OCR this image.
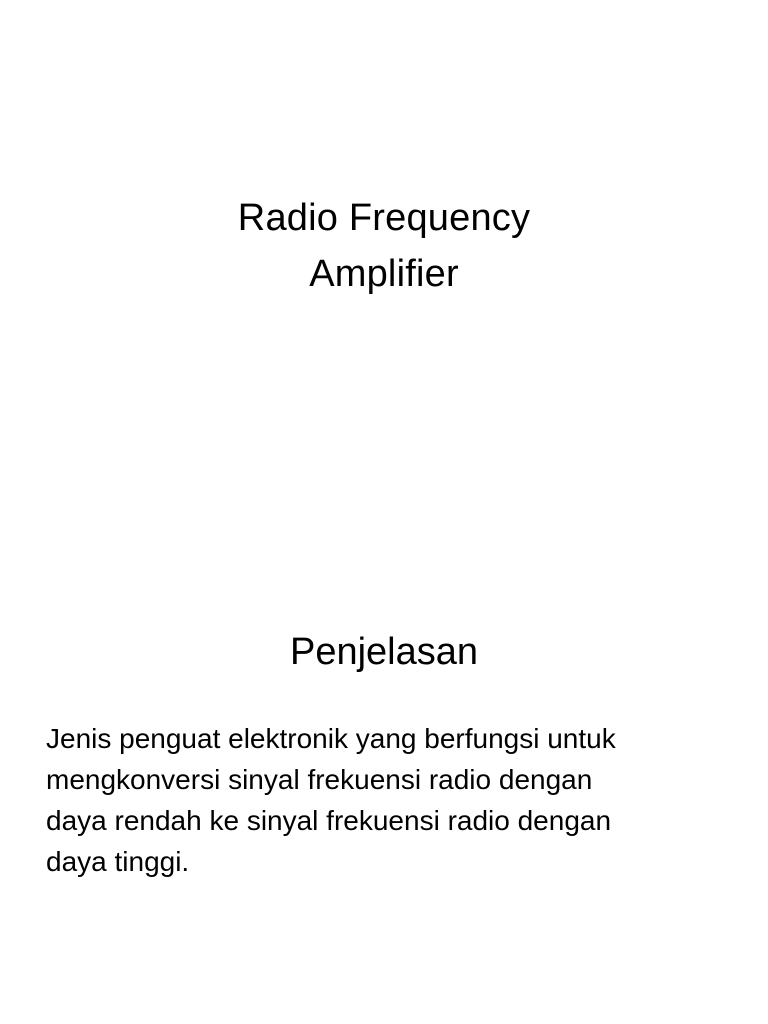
Radio Frequency
Amplifier
Penjelasan
Jenis penguat elektronik yang berfungsi untuk
mengkonversi sinyal frekuensi radio dengan
daya rendah ke sinyal frekuensi radio dengan
daya tinggi.
